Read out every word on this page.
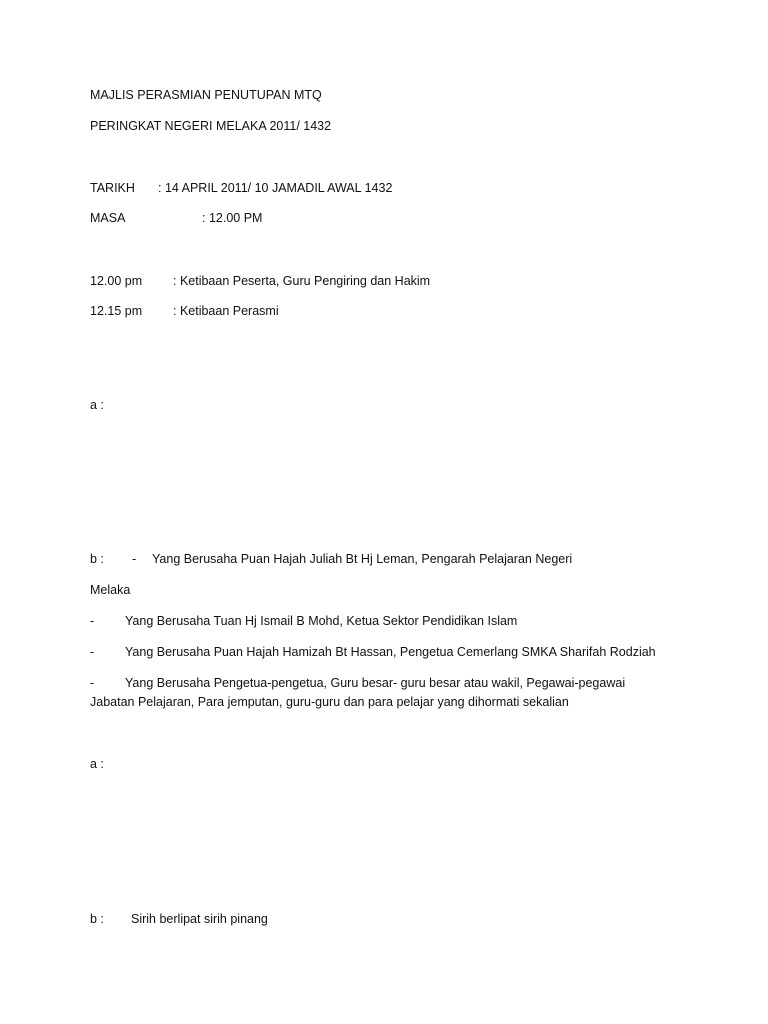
MAJLIS PERASMIAN PENUTUPAN MTQ
PERINGKAT NEGERI MELAKA 2011/ 1432
TARIKH : 14 APRIL 2011/ 10 JAMADIL AWAL 1432
MASA	: 12.00 PM
12.00 pm : Ketibaan Peserta, Guru Pengiring dan Hakim
12.15 pm : Ketibaan Perasmi
a :
b : - Yang Berusaha Puan Hajah Juliah Bt Hj Leman, Pengarah Pelajaran Negeri
Melaka
- Yang Berusaha Tuan Hj Ismail B Mohd, Ketua Sektor Pendidikan Islam
- Yang Berusaha Puan Hajah Hamizah Bt Hassan, Pengetua Cemerlang SMKA Sharifah Rodziah
- Yang Berusaha Pengetua-pengetua, Guru besar- guru besar atau wakil, Pegawai-pegawai
Jabatan Pelajaran, Para jemputan, guru-guru dan para pelajar yang dihormati sekalian
a :
b : Sirih berlipat sirih pinang
